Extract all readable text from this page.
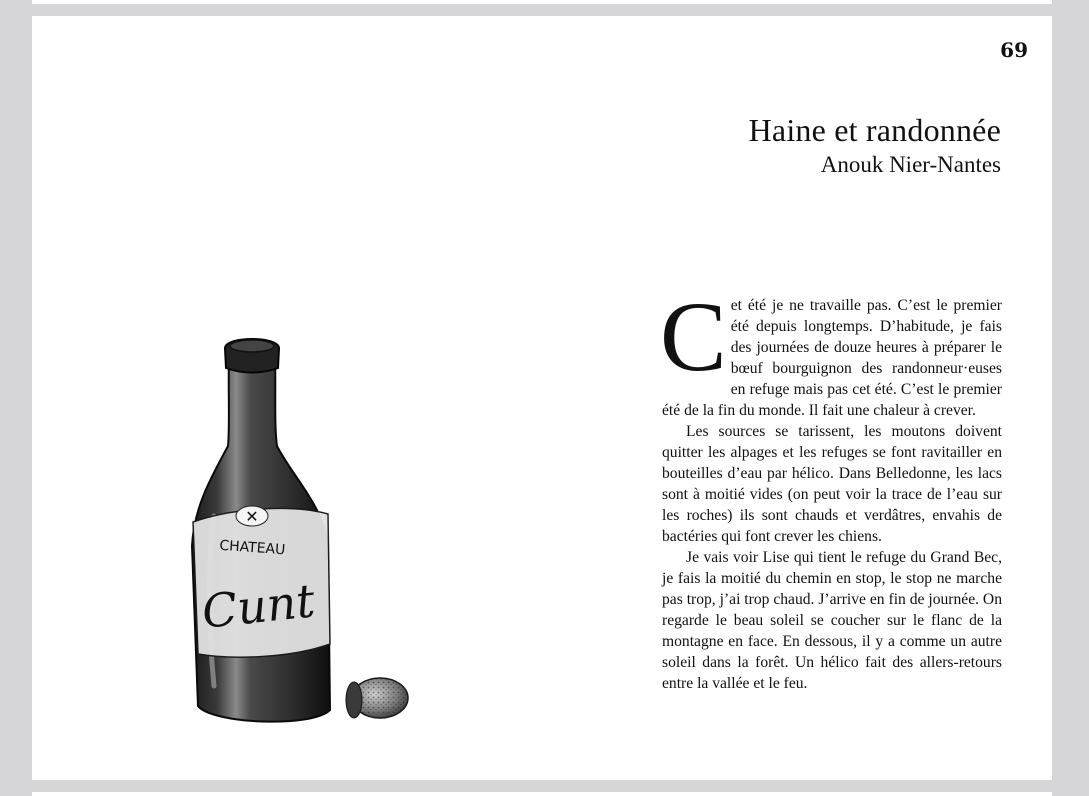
69
Haine et randonnée
Anouk Nier-Nantes
✕
CHATEAU
Cunt
C et été je ne travaille pas. C’est le premier été depuis longtemps. D’habitude, je fais des journées de douze heures à préparer le bœuf bourguignon des randonneur·euses en refuge mais pas cet été. C’est le premier été de la fin du monde. Il fait une chaleur à crever.

Les sources se tarissent, les moutons doivent quitter les alpages et les refuges se font ravitailler en bouteilles d’eau par hélico. Dans Belledonne, les lacs sont à moitié vides (on peut voir la trace de l’eau sur les roches) ils sont chauds et verdâtres, envahis de bactéries qui font crever les chiens.

Je vais voir Lise qui tient le refuge du Grand Bec, je fais la moitié du chemin en stop, le stop ne marche pas trop, j’ai trop chaud. J’arrive en fin de journée. On regarde le beau soleil se coucher sur le flanc de la montagne en face. En dessous, il y a comme un autre soleil dans la forêt. Un hélico fait des allers-retours entre la vallée et le feu.
